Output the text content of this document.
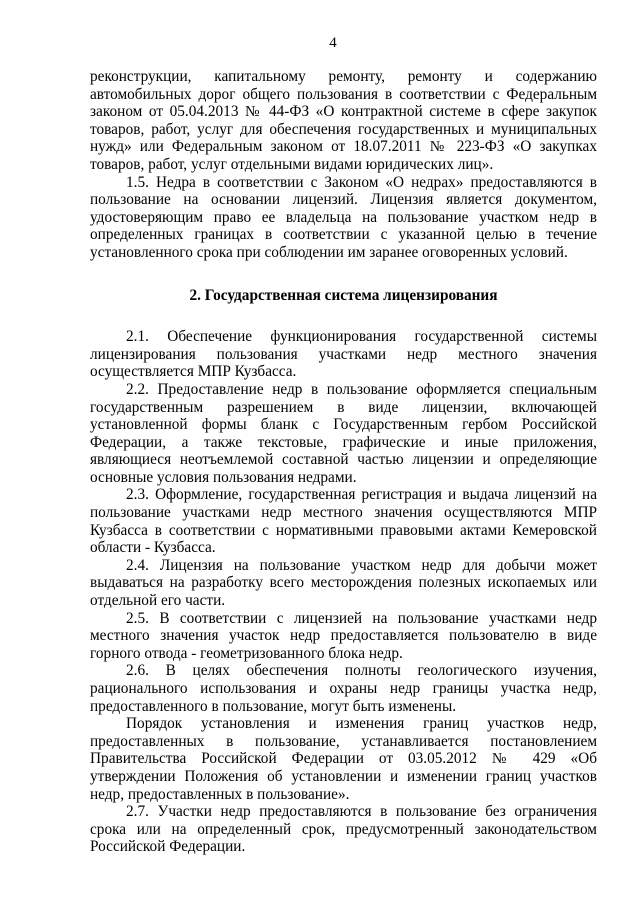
4

реконструкции, капитальному ремонту, ремонту и содержанию автомобильных дорог общего пользования в соответствии с Федеральным законом от 05.04.2013 № 44-ФЗ «О контрактной системе в сфере закупок товаров, работ, услуг для обеспечения государственных и муниципальных нужд» или Федеральным законом от 18.07.2011 № 223-ФЗ «О закупках товаров, работ, услуг отдельными видами юридических лиц».

1.5. Недра в соответствии с Законом «О недрах» предоставляются в пользование на основании лицензий. Лицензия является документом, удостоверяющим право ее владельца на пользование участком недр в определенных границах в соответствии с указанной целью в течение установленного срока при соблюдении им заранее оговоренных условий.

2. Государственная система лицензирования

2.1. Обеспечение функционирования государственной системы лицензирования пользования участками недр местного значения осуществляется МПР Кузбасса.

2.2. Предоставление недр в пользование оформляется специальным государственным разрешением в виде лицензии, включающей установленной формы бланк с Государственным гербом Российской Федерации, а также текстовые, графические и иные приложения, являющиеся неотъемлемой составной частью лицензии и определяющие основные условия пользования недрами.

2.3. Оформление, государственная регистрация и выдача лицензий на пользование участками недр местного значения осуществляются МПР Кузбасса в соответствии с нормативными правовыми актами Кемеровской области - Кузбасса.

2.4. Лицензия на пользование участком недр для добычи может выдаваться на разработку всего месторождения полезных ископаемых или отдельной его части.

2.5. В соответствии с лицензией на пользование участками недр местного значения участок недр предоставляется пользователю в виде горного отвода - геометризованного блока недр.

2.6. В целях обеспечения полноты геологического изучения, рационального использования и охраны недр границы участка недр, предоставленного в пользование, могут быть изменены.

Порядок установления и изменения границ участков недр, предоставленных в пользование, устанавливается постановлением Правительства Российской Федерации от 03.05.2012 № 429 «Об утверждении Положения об установлении и изменении границ участков недр, предоставленных в пользование».

2.7. Участки недр предоставляются в пользование без ограничения срока или на определенный срок, предусмотренный законодательством Российской Федерации.
